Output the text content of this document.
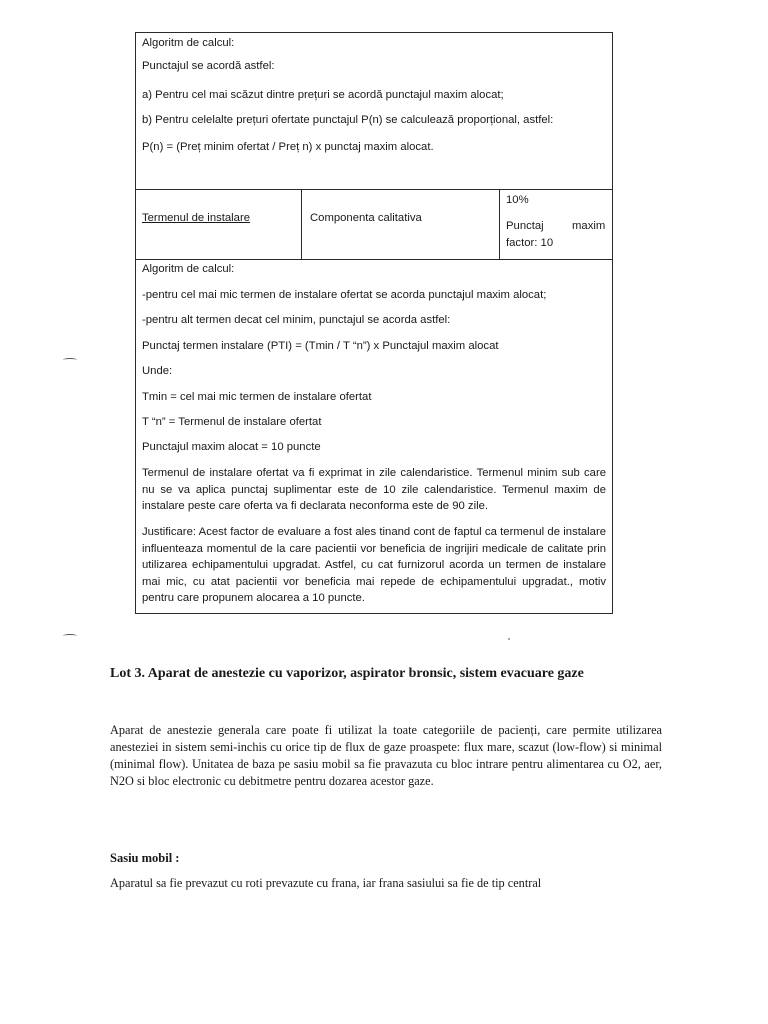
Algoritm de calcul:
Punctajul se acordă astfel:
a) Pentru cel mai scăzut dintre prețuri se acordă punctajul maxim alocat;
b) Pentru celelalte prețuri ofertate punctajul P(n) se calculează proporțional, astfel:
P(n) = (Preț minim ofertat / Preț n) x punctaj maxim alocat.
Termenul de instalare	Componenta calitativa
10%
Punctaj	maxim
factor: 10
Algoritm de calcul:
-pentru cel mai mic termen de instalare ofertat se acorda punctajul maxim alocat;
-pentru alt termen decat cel minim, punctajul se acorda astfel:
Punctaj termen instalare (PTI) = (Tmin / T “n”) x Punctajul maxim alocat
Unde:
Tmin = cel mai mic termen de instalare ofertat
T “n” = Termenul de instalare ofertat
Punctajul maxim alocat = 10 puncte
Termenul de instalare ofertat va fi exprimat in zile calendaristice. Termenul minim sub care nu se va aplica punctaj suplimentar este de 10 zile calendaristice. Termenul maxim de instalare peste care oferta va fi declarata neconforma este de 90 zile.
Justificare: Acest factor de evaluare a fost ales tinand cont de faptul ca termenul de instalare influenteaza momentul de la care pacientii vor beneficia de ingrijiri medicale de calitate prin utilizarea echipamentului upgradat. Astfel, cu cat furnizorul acorda un termen de instalare mai mic, cu atat pacientii vor beneficia mai repede de echipamentului upgradat., motiv pentru care propunem alocarea a 10 puncte.
Lot 3. Aparat de anestezie cu vaporizor, aspirator bronsic, sistem evacuare gaze
Aparat de anestezie generala care poate fi utilizat la toate categoriile de pacienți, care permite utilizarea anesteziei in sistem semi-inchis cu orice tip de flux de gaze proaspete: flux mare, scazut (low-flow) si minimal (minimal flow). Unitatea de baza pe sasiu mobil sa fie pravazuta cu bloc intrare pentru alimentarea cu O2, aer, N2O si bloc electronic cu debitmetre pentru dozarea acestor gaze.
Sasiu mobil :
Aparatul sa fie prevazut cu roti prevazute cu frana, iar frana sasiului sa fie de tip central
